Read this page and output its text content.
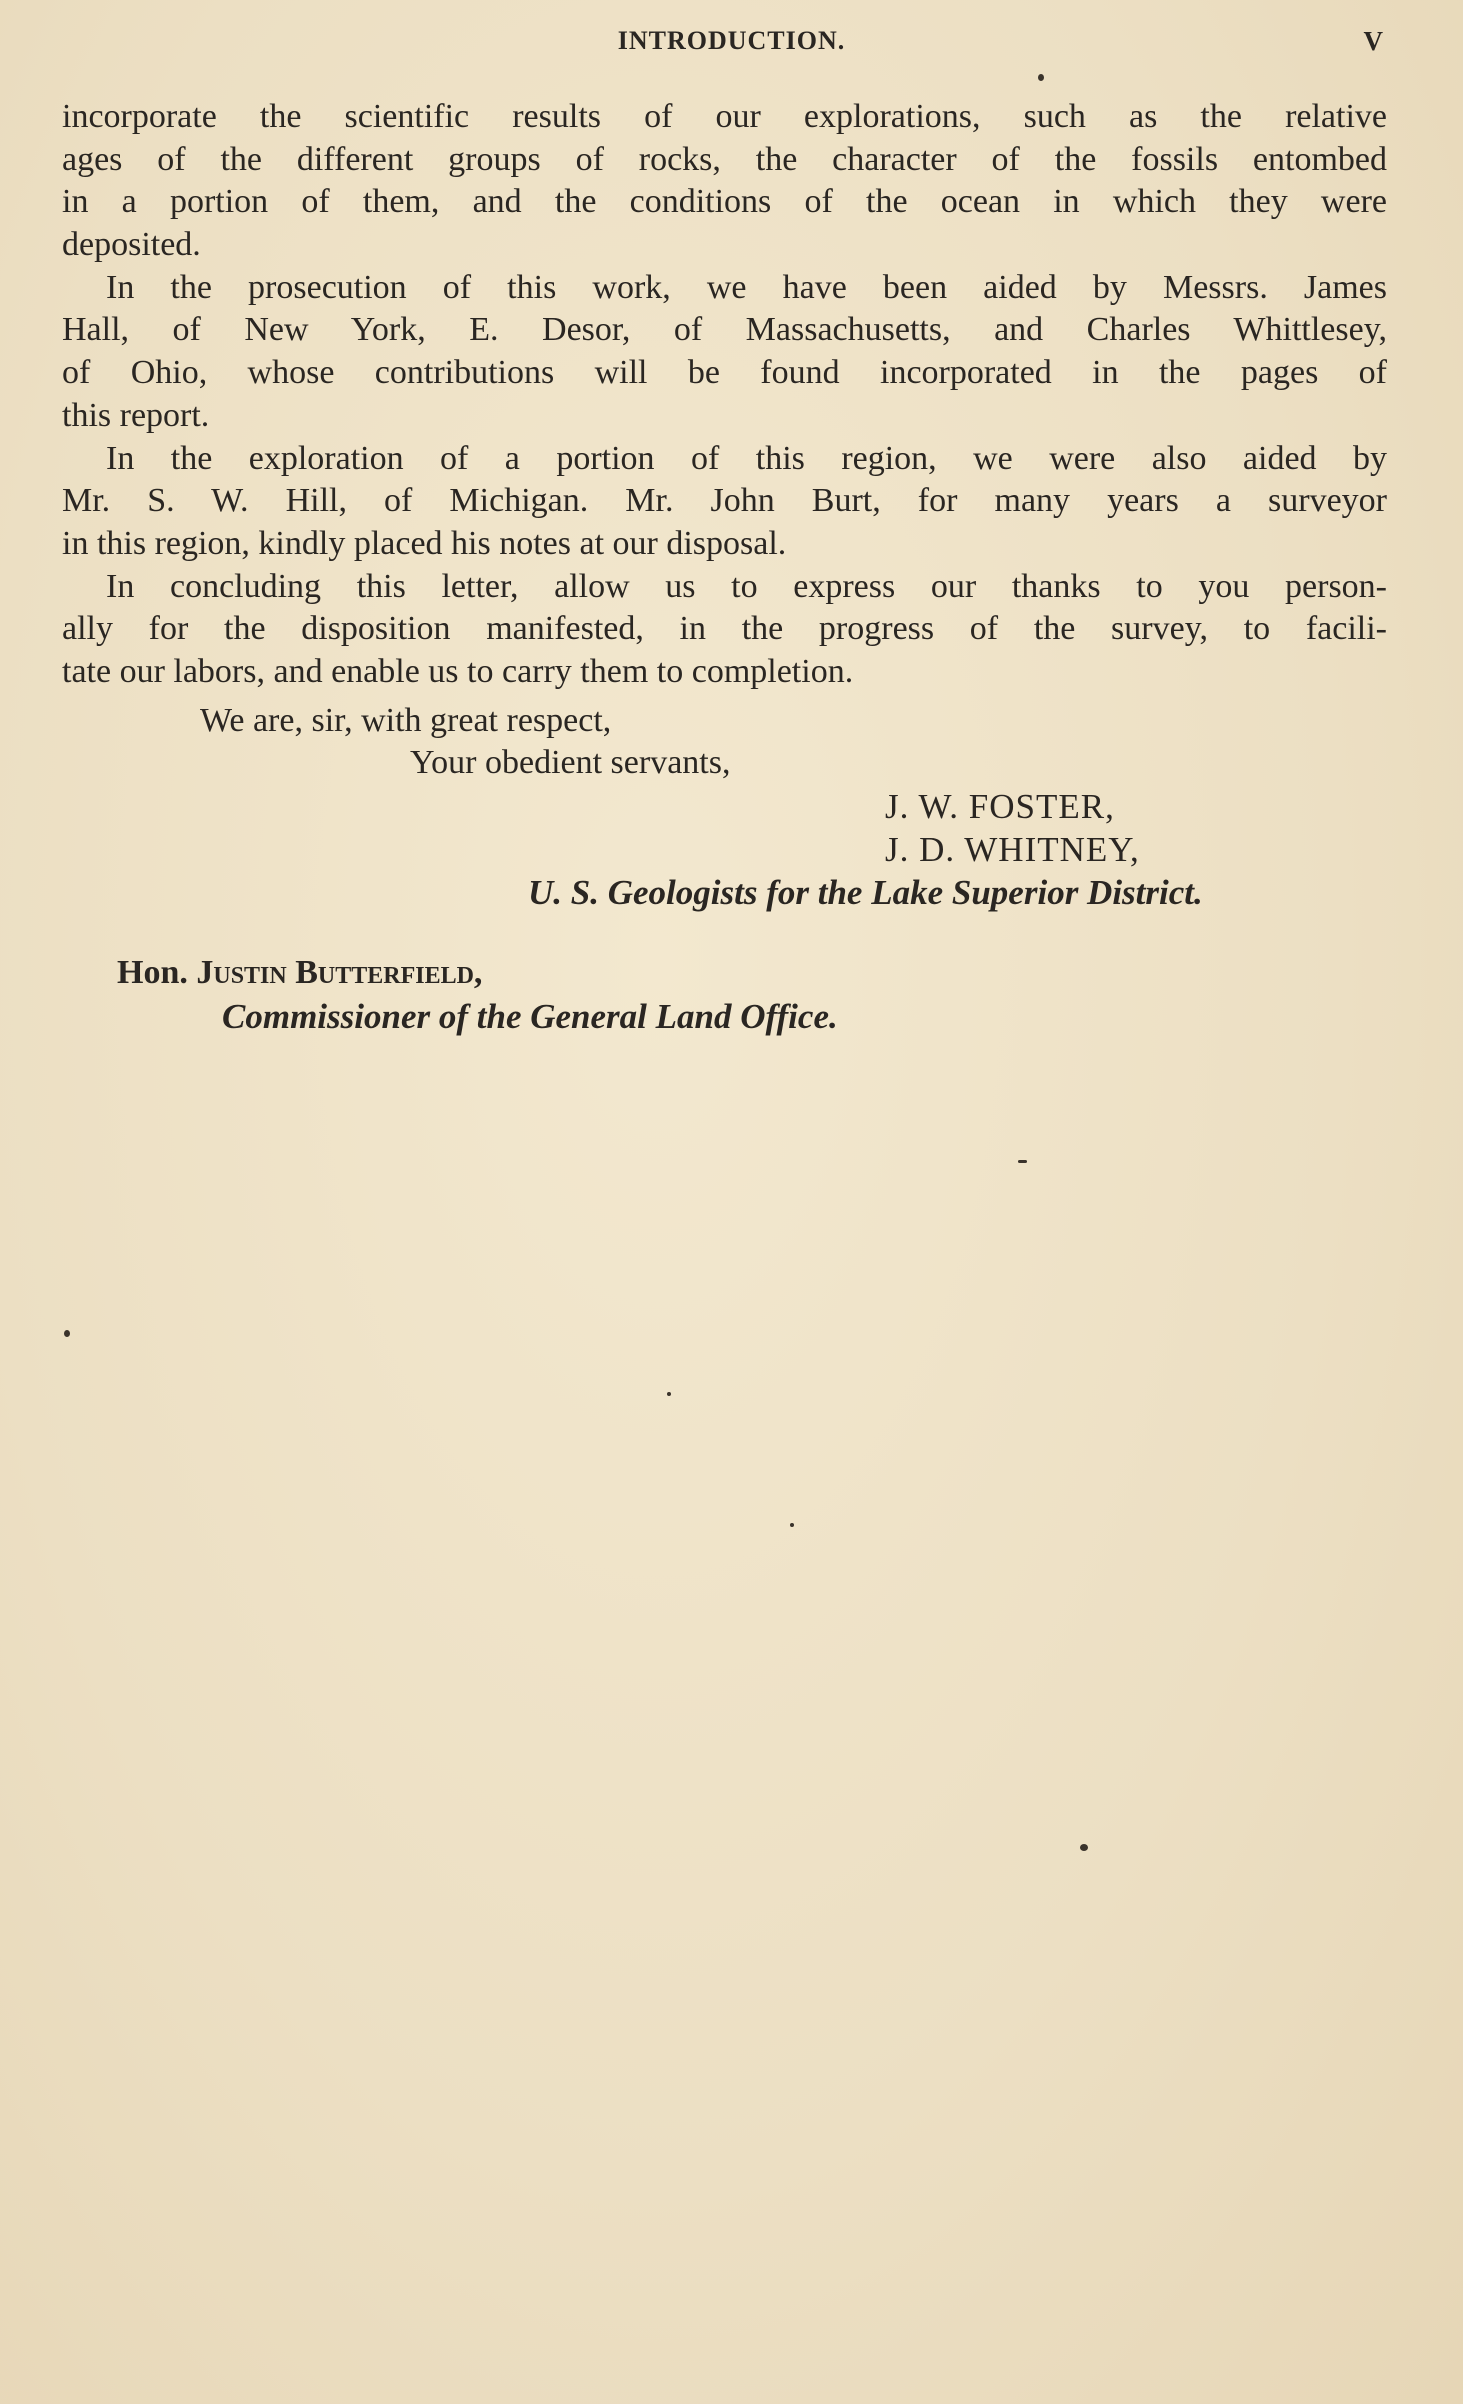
INTRODUCTION.	V
incorporate the scientific results of our explorations, such as the relative
ages of the different groups of rocks, the character of the fossils entombed
in a portion of them, and the conditions of the ocean in which they were
deposited.
In the prosecution of this work, we have been aided by Messrs. James
Hall, of New York, E. Desor, of Massachusetts, and Charles Whittlesey,
of Ohio, whose contributions will be found incorporated in the pages of
this report.
In the exploration of a portion of this region, we were also aided by
Mr. S. W. Hill, of Michigan. Mr. John Burt, for many years a surveyor
in this region, kindly placed his notes at our disposal.
In concluding this letter, allow us to express our thanks to you person-
ally for the disposition manifested, in the progress of the survey, to facili-
tate our labors, and enable us to carry them to completion.
We are, sir, with great respect,
Your obedient servants,
J. W. FOSTER,
J. D. WHITNEY,
U. S. Geologists for the Lake Superior District.
Hon. Justin Butterfield,
Commissioner of the General Land Office.
